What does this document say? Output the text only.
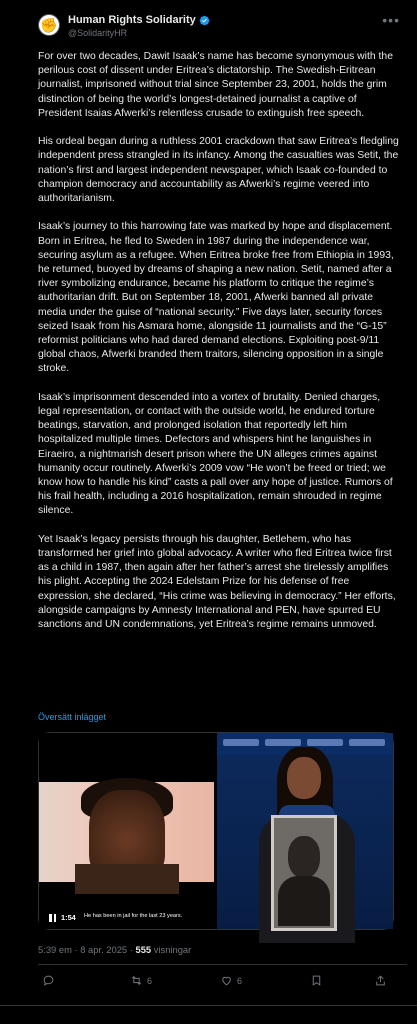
✊ Human Rights Solidarity
@SolidarityHR
•••

For over two decades, Dawit Isaak’s name has become synonymous with the perilous cost of dissent under Eritrea’s dictatorship. The Swedish-Eritrean journalist, imprisoned without trial since September 23, 2001, holds the grim distinction of being the world’s longest-detained journalist a captive of President Isaias Afwerki’s relentless crusade to extinguish free speech.

His ordeal began during a ruthless 2001 crackdown that saw Eritrea’s fledgling independent press strangled in its infancy. Among the casualties was Setit, the nation’s first and largest independent newspaper, which Isaak co-founded to champion democracy and accountability as Afwerki’s regime veered into authoritarianism.

Isaak’s journey to this harrowing fate was marked by hope and displacement. Born in Eritrea, he fled to Sweden in 1987 during the independence war, securing asylum as a refugee. When Eritrea broke free from Ethiopia in 1993, he returned, buoyed by dreams of shaping a new nation. Setit, named after a river symbolizing endurance, became his platform to critique the regime’s authoritarian drift. But on September 18, 2001, Afwerki banned all private media under the guise of “national security.” Five days later, security forces seized Isaak from his Asmara home, alongside 11 journalists and the “G-15” reformist politicians who had dared demand elections. Exploiting post-9/11 global chaos, Afwerki branded them traitors, silencing opposition in a single stroke.

Isaak’s imprisonment descended into a vortex of brutality. Denied charges, legal representation, or contact with the outside world, he endured torture beatings, starvation, and prolonged isolation that reportedly left him hospitalized multiple times. Defectors and whispers hint he languishes in Eiraeiro, a nightmarish desert prison where the UN alleges crimes against humanity occur routinely. Afwerki’s 2009 vow “He won’t be freed or tried; we know how to handle his kind” casts a pall over any hope of justice. Rumors of his frail health, including a 2016 hospitalization, remain shrouded in regime silence.

Yet Isaak’s legacy persists through his daughter, Betlehem, who has transformed her grief into global advocacy. A writer who fled Eritrea twice first as a child in 1987, then again after her father’s arrest she tirelessly amplifies his plight. Accepting the 2024 Edelstam Prize for his defense of free expression, she declared, “His crime was believing in democracy.” Her efforts, alongside campaigns by Amnesty International and PEN, have spurred EU sanctions and UN condemnations, yet Eritrea’s regime remains unmoved.

Översätt inlägget
He has been in jail for the last 23 years.
1:54
5:39 em · 8 apr. 2025 · 555 visningar
6	6
